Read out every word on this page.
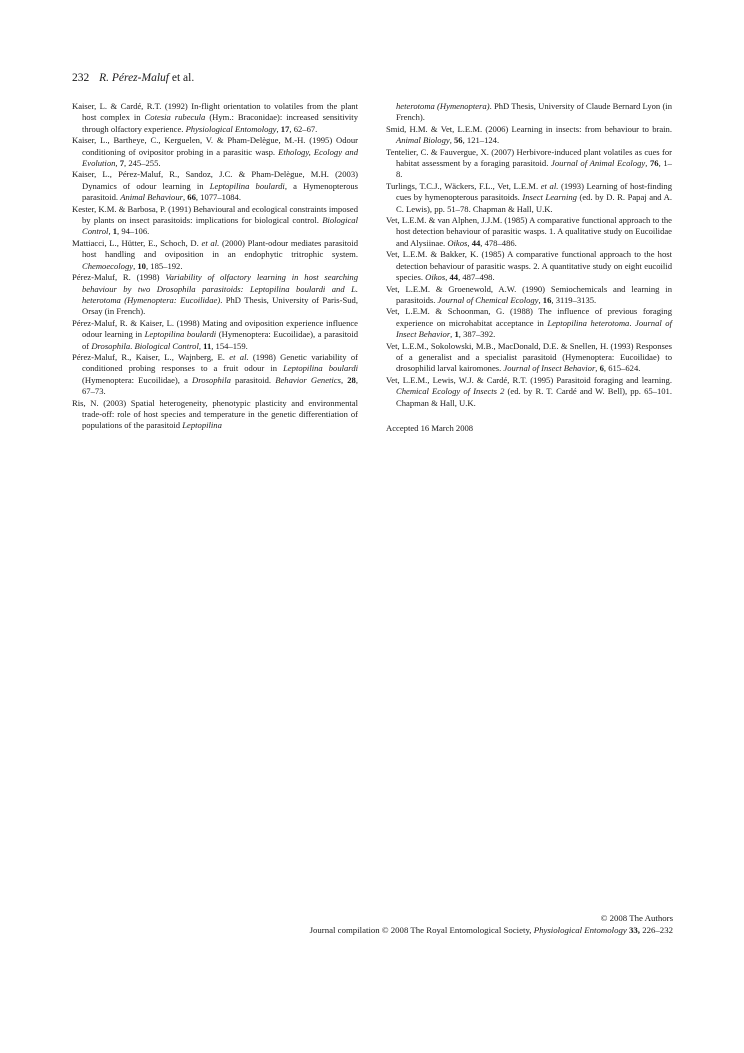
232 R. Pérez-Maluf et al.

Kaiser, L. & Cardé, R.T. (1992) In-flight orientation to volatiles from the plant host complex in Cotesia rubecula (Hym.: Braconidae): increased sensitivity through olfactory experience. Physiological Entomology, 17, 62–67.

Kaiser, L., Bartheye, C., Kerguelen, V. & Pham-Delègue, M.-H. (1995) Odour conditioning of ovipositor probing in a parasitic wasp. Ethology, Ecology and Evolution, 7, 245–255.

Kaiser, L., Pérez-Maluf, R., Sandoz, J.C. & Pham-Delègue, M.H. (2003) Dynamics of odour learning in Leptopilina boulardi, a Hymenopterous parasitoid. Animal Behaviour, 66, 1077–1084.

Kester, K.M. & Barbosa, P. (1991) Behavioural and ecological constraints imposed by plants on insect parasitoids: implications for biological control. Biological Control, 1, 94–106.

Mattiacci, L., Hütter, E., Schoch, D. et al. (2000) Plant-odour mediates parasitoid host handling and oviposition in an endophytic tritrophic system. Chemoecology, 10, 185–192.

Pérez-Maluf, R. (1998) Variability of olfactory learning in host searching behaviour by two Drosophila parasitoids: Leptopilina boulardi and L. heterotoma (Hymenoptera: Eucoilidae). PhD Thesis, University of Paris-Sud, Orsay (in French).

Pérez-Maluf, R. & Kaiser, L. (1998) Mating and oviposition experience influence odour learning in Leptopilina boulardi (Hymenoptera: Eucoilidae), a parasitoid of Drosophila. Biological Control, 11, 154–159.

Pérez-Maluf, R., Kaiser, L., Wajnberg, E. et al. (1998) Genetic variability of conditioned probing responses to a fruit odour in Leptopilina boulardi (Hymenoptera: Eucoilidae), a Drosophila parasitoid. Behavior Genetics, 28, 67–73.

Ris, N. (2003) Spatial heterogeneity, phenotypic plasticity and environmental trade-off: role of host species and temperature in the genetic differentiation of populations of the parasitoid Leptopilina

heterotoma (Hymenoptera). PhD Thesis, University of Claude Bernard Lyon (in French).

Smid, H.M. & Vet, L.E.M. (2006) Learning in insects: from behaviour to brain. Animal Biology, 56, 121–124.

Tentelier, C. & Fauvergue, X. (2007) Herbivore-induced plant volatiles as cues for habitat assessment by a foraging parasitoid. Journal of Animal Ecology, 76, 1–8.

Turlings, T.C.J., Wäckers, F.L., Vet, L.E.M. et al. (1993) Learning of host-finding cues by hymenopterous parasitoids. Insect Learning (ed. by D. R. Papaj and A. C. Lewis), pp. 51–78. Chapman & Hall, U.K.

Vet, L.E.M. & van Alphen, J.J.M. (1985) A comparative functional approach to the host detection behaviour of parasitic wasps. 1. A qualitative study on Eucoilidae and Alysiinae. Oikos, 44, 478–486.

Vet, L.E.M. & Bakker, K. (1985) A comparative functional approach to the host detection behaviour of parasitic wasps. 2. A quantitative study on eight eucoilid species. Oikos, 44, 487–498.

Vet, L.E.M. & Groenewold, A.W. (1990) Semiochemicals and learning in parasitoids. Journal of Chemical Ecology, 16, 3119–3135.

Vet, L.E.M. & Schoonman, G. (1988) The influence of previous foraging experience on microhabitat acceptance in Leptopilina heterotoma. Journal of Insect Behavior, 1, 387–392.

Vet, L.E.M., Sokolowski, M.B., MacDonald, D.E. & Snellen, H. (1993) Responses of a generalist and a specialist parasitoid (Hymenoptera: Eucoilidae) to drosophilid larval kairomones. Journal of Insect Behavior, 6, 615–624.

Vet, L.E.M., Lewis, W.J. & Cardé, R.T. (1995) Parasitoid foraging and learning. Chemical Ecology of Insects 2 (ed. by R. T. Cardé and W. Bell), pp. 65–101. Chapman & Hall, U.K.

Accepted 16 March 2008
© 2008 The Authors
Journal compilation © 2008 The Royal Entomological Society, Physiological Entomology 33, 226–232
